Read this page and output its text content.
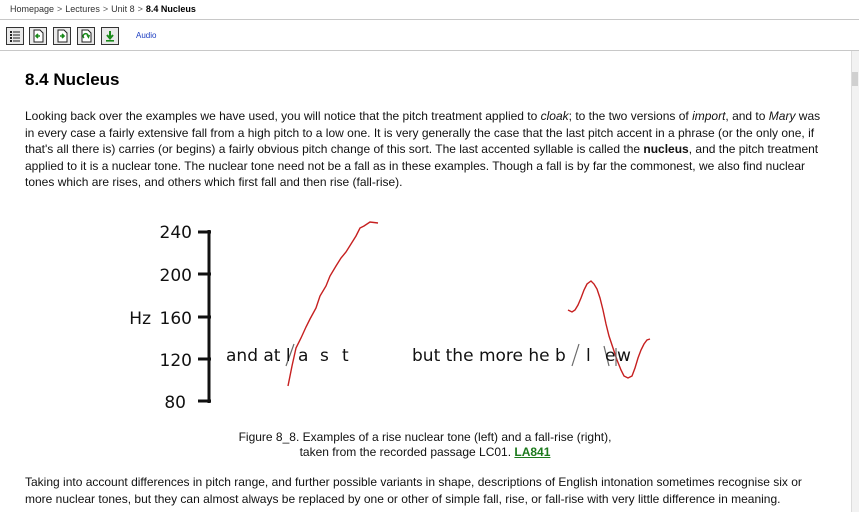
Homepage > Lectures > Unit 8 > 8.4 Nucleus
Audio
8.4 Nucleus

Looking back over the examples we have used, you will notice that the pitch treatment applied to cloak; to the two versions of import, and to Mary was in every case a fairly extensive fall from a high pitch to a low one. It is very generally the case that the last pitch accent in a phrase (or the only one, if that's all there is) carries (or begins) a fairly obvious pitch change of this sort. The last accented syllable is called the nucleus, and the pitch treatment applied to it is a nuclear tone. The nuclear tone need not be a fall as in these examples. Though a fall is by far the commonest, we also find nuclear tones which are rises, and others which first fall and then rise (fall-rise).

240
200
Hz 160
120
80
and at l a s t	but the more he b l e w
Figure 8_8. Examples of a rise nuclear tone (left) and a fall-rise (right),
taken from the recorded passage LC01. LA841

Taking into account differences in pitch range, and further possible variants in shape, descriptions of English intonation sometimes recognise six or more nuclear tones, but they can almost always be replaced by one or other of simple fall, rise, or fall-rise with very little difference in meaning.
